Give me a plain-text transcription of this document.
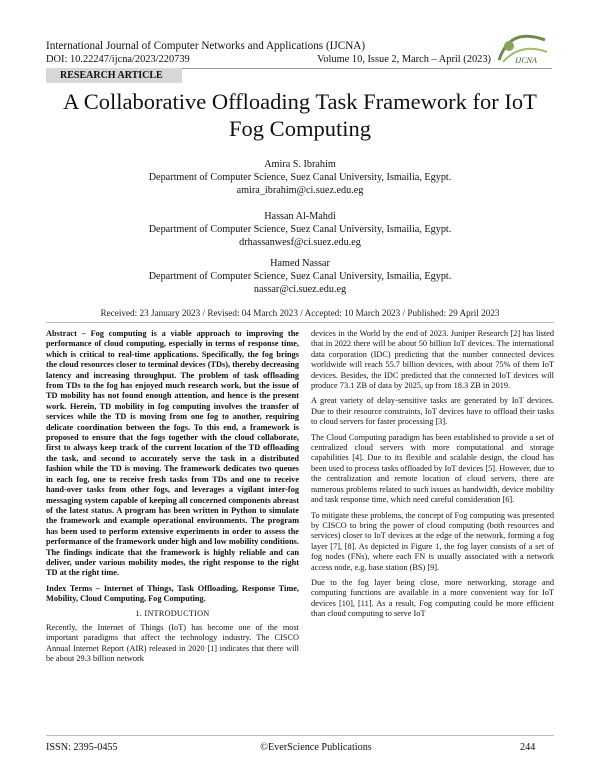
International Journal of Computer Networks and Applications (IJCNA)
DOI: 10.22247/ijcna/2023/220739	Volume 10, Issue 2, March – April (2023)	IJCNA
RESEARCH ARTICLE
A Collaborative Offloading Task Framework for IoT
Fog Computing
Amira S. Ibrahim
Department of Computer Science, Suez Canal University, Ismailia, Egypt.
amira_ibrahim@ci.suez.edu.eg
Hassan Al-Mahdi
Department of Computer Science, Suez Canal University, Ismailia, Egypt.
drhassanwesf@ci.suez.edu.eg
Hamed Nassar
Department of Computer Science, Suez Canal University, Ismailia, Egypt.
nassar@ci.suez.edu.eg
Received: 23 January 2023 / Revised: 04 March 2023 / Accepted: 10 March 2023 / Published: 29 April 2023

Abstract – Fog computing is a viable approach to improving the performance of cloud computing, especially in terms of response time, which is critical to real-time applications. Specifically, the fog brings the cloud resources closer to terminal devices (TDs), thereby decreasing latency and increasing throughput. The problem of task offloading from TDs to the fog has enjoyed much research work, but the issue of TD mobility has not found enough attention, and hence is the present work. Herein, TD mobility in fog computing involves the transfer of services while the TD is moving from one fog to another, requiring delicate coordination between the fogs. To this end, a framework is proposed to ensure that the fogs together with the cloud collaborate, first to always keep track of the current location of the TD offloading the task, and second to accurately serve the task in a distributed fashion while the TD is moving. The framework dedicates two queues in each fog, one to receive fresh tasks from TDs and one to receive hand-over tasks from other fogs, and leverages a vigilant inter-fog messaging system capable of keeping all concerned components abreast of the latest status. A program has been written in Python to simulate the framework and example operational environments. The program has been used to perform extensive experiments in order to assess the performance of the framework under high and low mobility conditions. The findings indicate that the framework is highly reliable and can deliver, under various mobility modes, the right response to the right TD at the right time.

Index Terms – Internet of Things, Task Offloading, Response Time, Mobility, Cloud Computing, Fog Computing.

1. INTRODUCTION

Recently, the Internet of Things (IoT) has become one of the most important paradigms that affect the technology industry. The CISCO Annual Internet Report (AIR) released in 2020 [1] indicates that there will be about 29.3 billion network

devices in the World by the end of 2023. Juniper Research [2] has listed that in 2022 there will be about 50 billion IoT devices. The international data corporation (IDC) predicting that the number connected devices worldwide will reach 55.7 billion devices, with about 75% of them IoT devices. Besides, the IDC predicted that the connected IoT devices will produce 73.1 ZB of data by 2025, up from 18.3 ZB in 2019.

A great variety of delay-sensitive tasks are generated by IoT devices. Due to their resource constraints, IoT devices have to offload their tasks to cloud servers for faster processing [3].

The Cloud Computing paradigm has been established to provide a set of centralized cloud servers with more computational and storage capabilities [4]. Due to its flexible and scalable design, the cloud has been used to process tasks offloaded by IoT devices [5]. However, due to the centralization and remote location of cloud servers, there are numerous problems related to such issues as bandwidth, device mobility and task response time, which need careful consideration [6].

To mitigate these problems, the concept of Fog computing was presented by CISCO to bring the power of cloud computing (both resources and services) closer to IoT devices at the edge of the network, forming a fog layer [7], [8]. As depicted in Figure 1, the fog layer consists of a set of fog nodes (FNs), where each FN is usually associated with a network access node, e.g. base station (BS) [9].

Due to the fog layer being close, more networking, storage and computing functions are available in a more convenient way for IoT devices [10], [11]. As a result, Fog computing could be more efficient than cloud computing to serve IoT

ISSN: 2395-0455	©EverScience Publications	244
